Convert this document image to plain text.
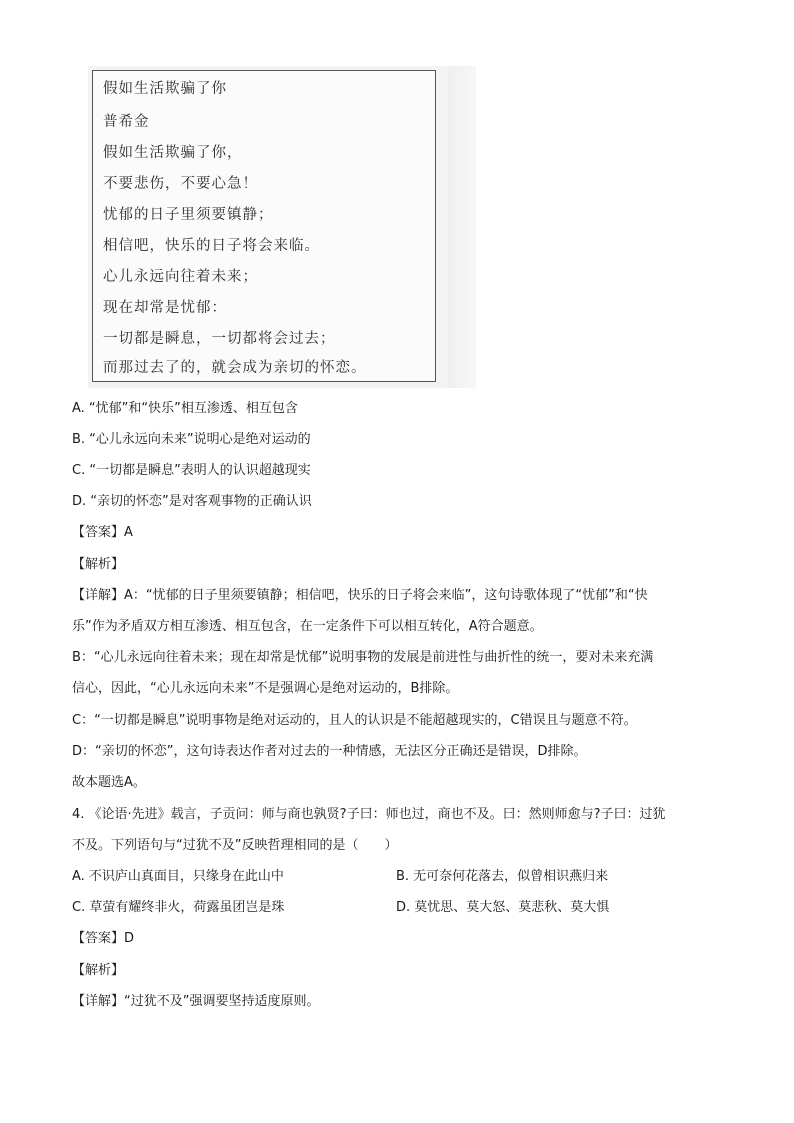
假如生活欺骗了你
普希金
假如生活欺骗了你，
不要悲伤，不要心急！
忧郁的日子里须要镇静；
相信吧，快乐的日子将会来临。
心儿永远向往着未来；
现在却常是忧郁：
一切都是瞬息，一切都将会过去；
而那过去了的，就会成为亲切的怀恋。
A. “忧郁”和“快乐”相互渗透、相互包含
B. “心儿永远向未来”说明心是绝对运动的
C. “一切都是瞬息”表明人的认识超越现实
D. “亲切的怀恋”是对客观事物的正确认识
【答案】A
【解析】
【详解】A：“忧郁的日子里须要镇静；相信吧，快乐的日子将会来临”，这句诗歌体现了“忧郁”和“快
乐”作为矛盾双方相互渗透、相互包含，在一定条件下可以相互转化，A符合题意。
B：“心儿永远向往着未来；现在却常是忧郁”说明事物的发展是前进性与曲折性的统一，要对未来充满
信心，因此，“心儿永远向未来”不是强调心是绝对运动的，B排除。
C：“一切都是瞬息”说明事物是绝对运动的，且人的认识是不能超越现实的，C错误且与题意不符。
D：“亲切的怀恋”，这句诗表达作者对过去的一种情感，无法区分正确还是错误，D排除。
故本题选A。
4. 《论语·先进》载言，子贡问：师与商也孰贤?子曰：师也过，商也不及。曰：然则师愈与?子曰：过犹
不及。下列语句与“过犹不及”反映哲理相同的是（　　）
A. 不识庐山真面目，只缘身在此山中	B. 无可奈何花落去，似曾相识燕归来
C. 草萤有耀终非火，荷露虽团岂是珠	D. 莫忧思、莫大怒、莫悲秋、莫大惧
【答案】D
【解析】
【详解】“过犹不及”强调要坚持适度原则。
